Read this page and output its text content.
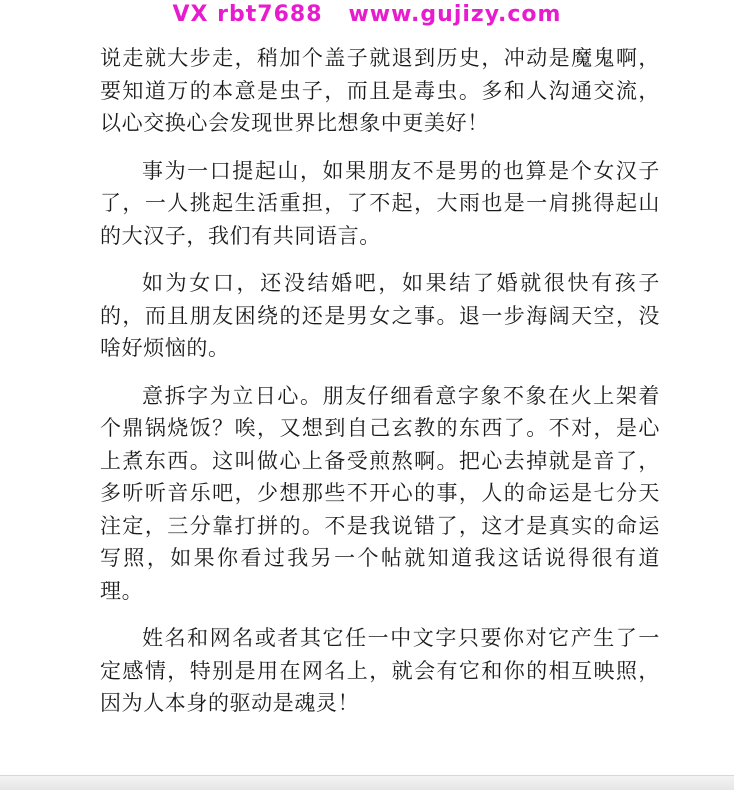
VX rbt7688   www.gujizy.com

说走就大步走，稍加个盖子就退到历史，冲动是魔鬼啊，要知道万的本意是虫子，而且是毒虫。多和人沟通交流，以心交换心会发现世界比想象中更美好！

事为一口提起山，如果朋友不是男的也算是个女汉子了，一人挑起生活重担，了不起，大雨也是一肩挑得起山的大汉子，我们有共同语言。

如为女口，还没结婚吧，如果结了婚就很快有孩子的，而且朋友困绕的还是男女之事。退一步海阔天空，没啥好烦恼的。

意拆字为立日心。朋友仔细看意字象不象在火上架着个鼎锅烧饭？唉，又想到自己玄教的东西了。不对，是心上煮东西。这叫做心上备受煎熬啊。把心去掉就是音了，多听听音乐吧，少想那些不开心的事，人的命运是七分天注定，三分靠打拼的。不是我说错了，这才是真实的命运写照，如果你看过我另一个帖就知道我这话说得很有道理。

姓名和网名或者其它任一中文字只要你对它产生了一定感情，特别是用在网名上，就会有它和你的相互映照，因为人本身的驱动是魂灵！
